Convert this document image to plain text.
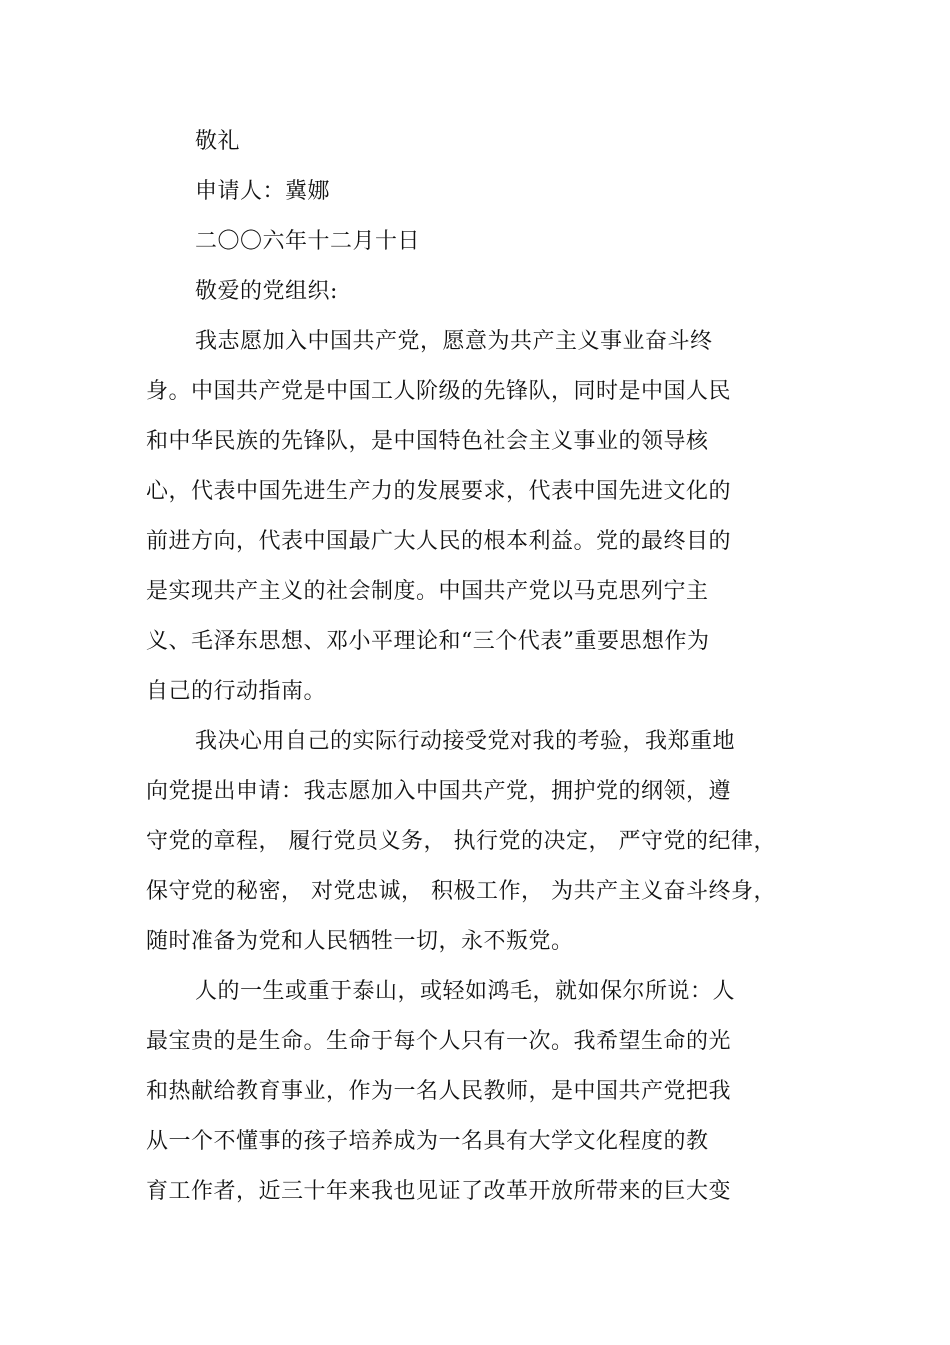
敬礼
申请人：冀娜
二〇〇六年十二月十日
敬爱的党组织:
我志愿加入中国共产党，愿意为共产主义事业奋斗终
身。中国共产党是中国工人阶级的先锋队，同时是中国人民
和中华民族的先锋队，是中国特色社会主义事业的领导核
心，代表中国先进生产力的发展要求，代表中国先进文化的
前进方向，代表中国最广大人民的根本利益。党的最终目的
是实现共产主义的社会制度。中国共产党以马克思列宁主
义、毛泽东思想、邓小平理论和“三个代表”重要思想作为
自己的行动指南。
我决心用自己的实际行动接受党对我的考验，我郑重地
向党提出申请：我志愿加入中国共产党，拥护党的纲领，遵
守党的章程， 履行党员义务， 执行党的决定， 严守党的纪律，
保守党的秘密， 对党忠诚， 积极工作， 为共产主义奋斗终身，
随时准备为党和人民牺牲一切，永不叛党。
人的一生或重于泰山，或轻如鸿毛，就如保尔所说：人
最宝贵的是生命。生命于每个人只有一次。我希望生命的光
和热献给教育事业，作为一名人民教师，是中国共产党把我
从一个不懂事的孩子培养成为一名具有大学文化程度的教
育工作者，近三十年来我也见证了改革开放所带来的巨大变
